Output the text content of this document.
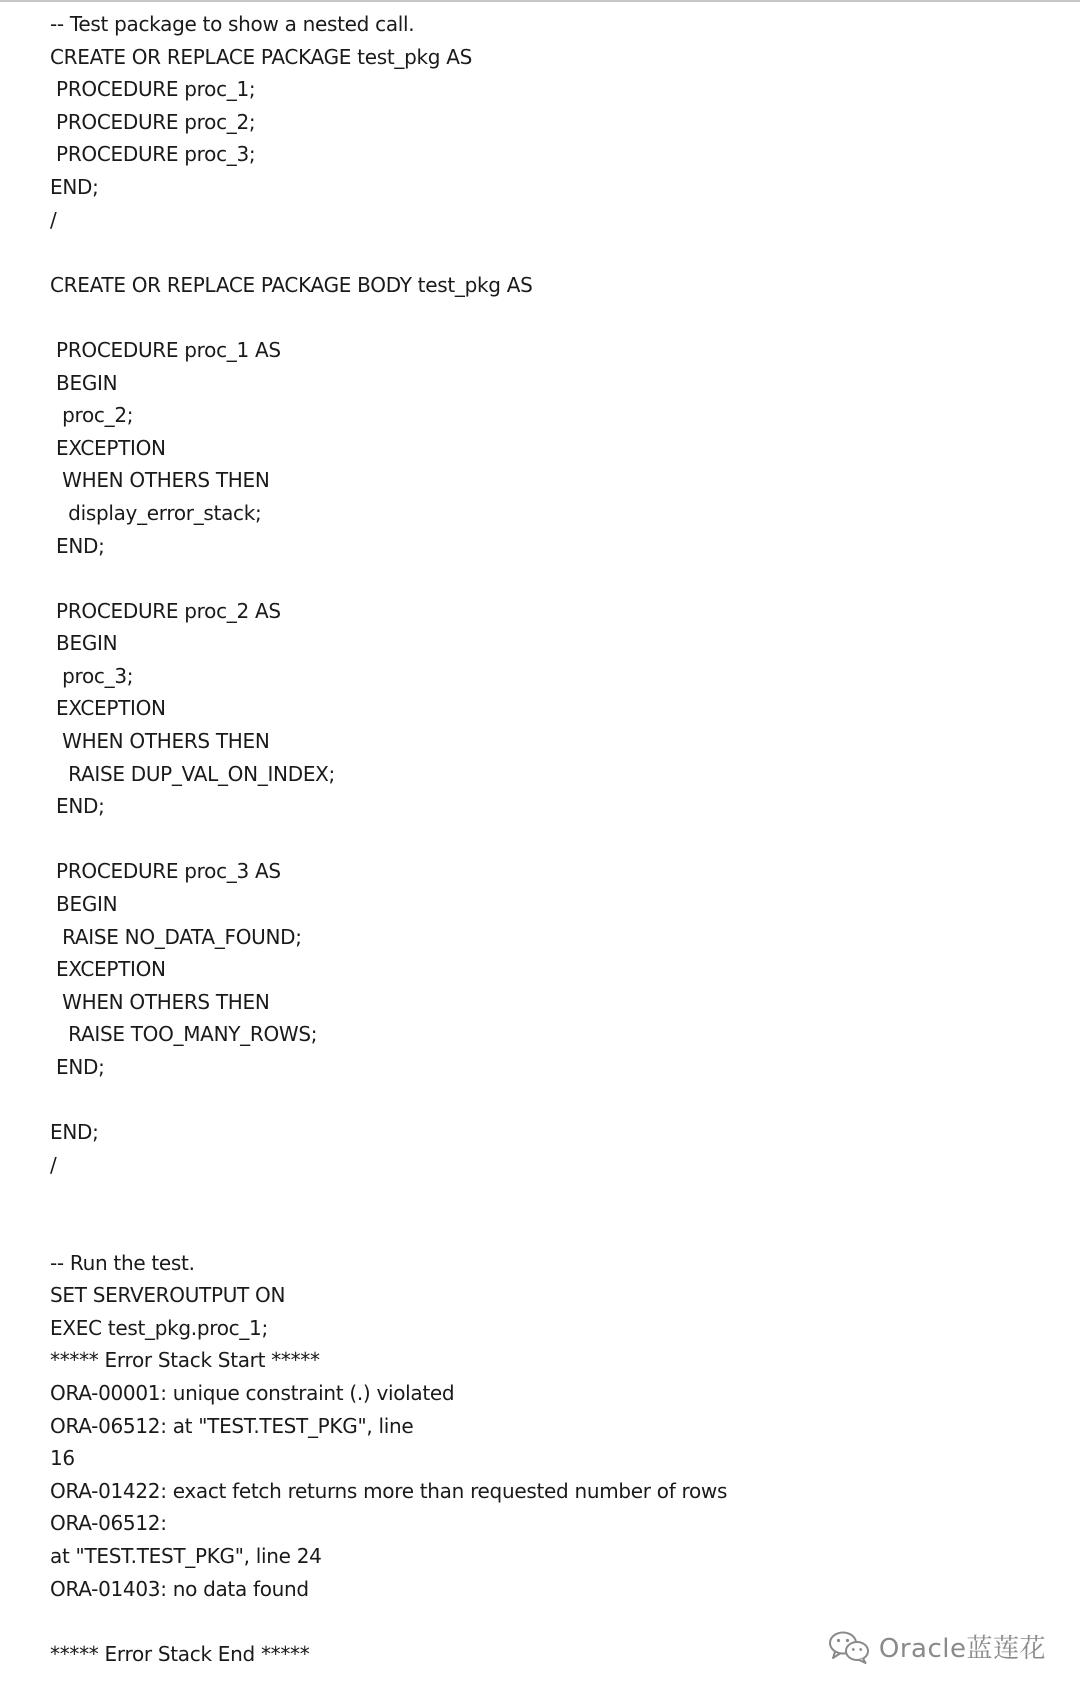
-- Test package to show a nested call.
CREATE OR REPLACE PACKAGE test_pkg AS
PROCEDURE proc_1;
PROCEDURE proc_2;
PROCEDURE proc_3;
END;
/
CREATE OR REPLACE PACKAGE BODY test_pkg AS
PROCEDURE proc_1 AS
BEGIN
proc_2;
EXCEPTION
WHEN OTHERS THEN
display_error_stack;
END;
PROCEDURE proc_2 AS
BEGIN
proc_3;
EXCEPTION
WHEN OTHERS THEN
RAISE DUP_VAL_ON_INDEX;
END;
PROCEDURE proc_3 AS
BEGIN
RAISE NO_DATA_FOUND;
EXCEPTION
WHEN OTHERS THEN
RAISE TOO_MANY_ROWS;
END;
END;
/
-- Run the test.
SET SERVEROUTPUT ON
EXEC test_pkg.proc_1;
***** Error Stack Start *****
ORA-00001: unique constraint (.) violated
ORA-06512: at "TEST.TEST_PKG", line
16
ORA-01422: exact fetch returns more than requested number of rows
ORA-06512:
at "TEST.TEST_PKG", line 24
ORA-01403: no data found
***** Error Stack End *****	Oracle蓝莲花
